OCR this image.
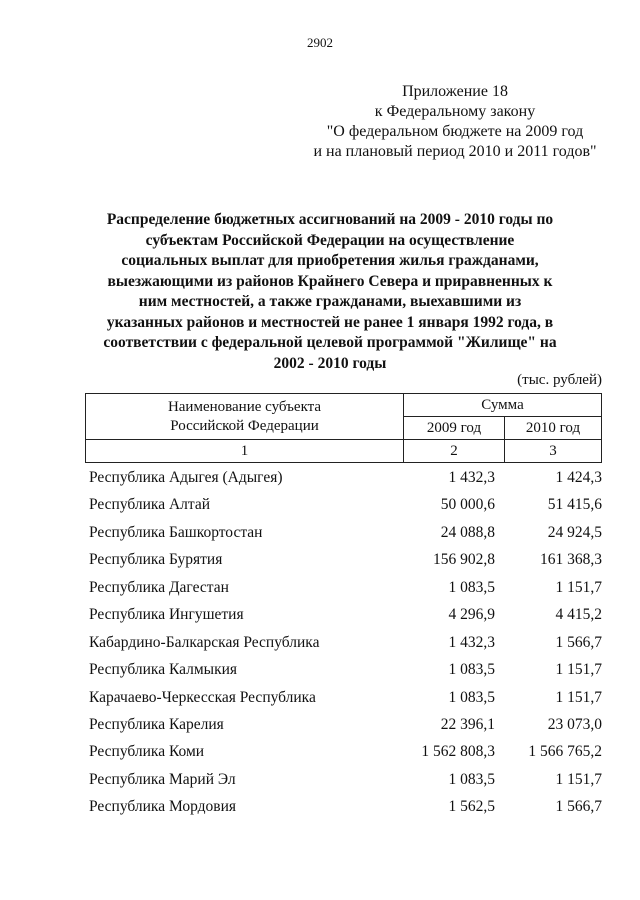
2902
Приложение 18
к Федеральному закону
"О федеральном бюджете на 2009 год
и на плановый период 2010 и 2011 годов"
Распределение бюджетных ассигнований на 2009 - 2010 годы по
субъектам Российской Федерации на осуществление
социальных выплат для приобретения жилья гражданами,
выезжающими из районов Крайнего Севера и приравненных к
ним местностей, а также гражданами, выехавшими из
указанных районов и местностей не ранее 1 января 1992 года, в
соответствии с федеральной целевой программой "Жилище" на
2002 - 2010 годы
(тыс. рублей)
Наименование субъекта
Российской Федерации	Сумма	
	2009 год	2010 год
1	2	3
Республика Адыгея (Адыгея)	1 432,3	1 424,3
Республика Алтай	50 000,6	51 415,6
Республика Башкортостан	24 088,8	24 924,5
Республика Бурятия	156 902,8	161 368,3
Республика Дагестан	1 083,5	1 151,7
Республика Ингушетия	4 296,9	4 415,2
Кабардино-Балкарская Республика	1 432,3	1 566,7
Республика Калмыкия	1 083,5	1 151,7
Карачаево-Черкесская Республика	1 083,5	1 151,7
Республика Карелия	22 396,1	23 073,0
Республика Коми	1 562 808,3	1 566 765,2
Республика Марий Эл	1 083,5	1 151,7
Республика Мордовия	1 562,5	1 566,7
